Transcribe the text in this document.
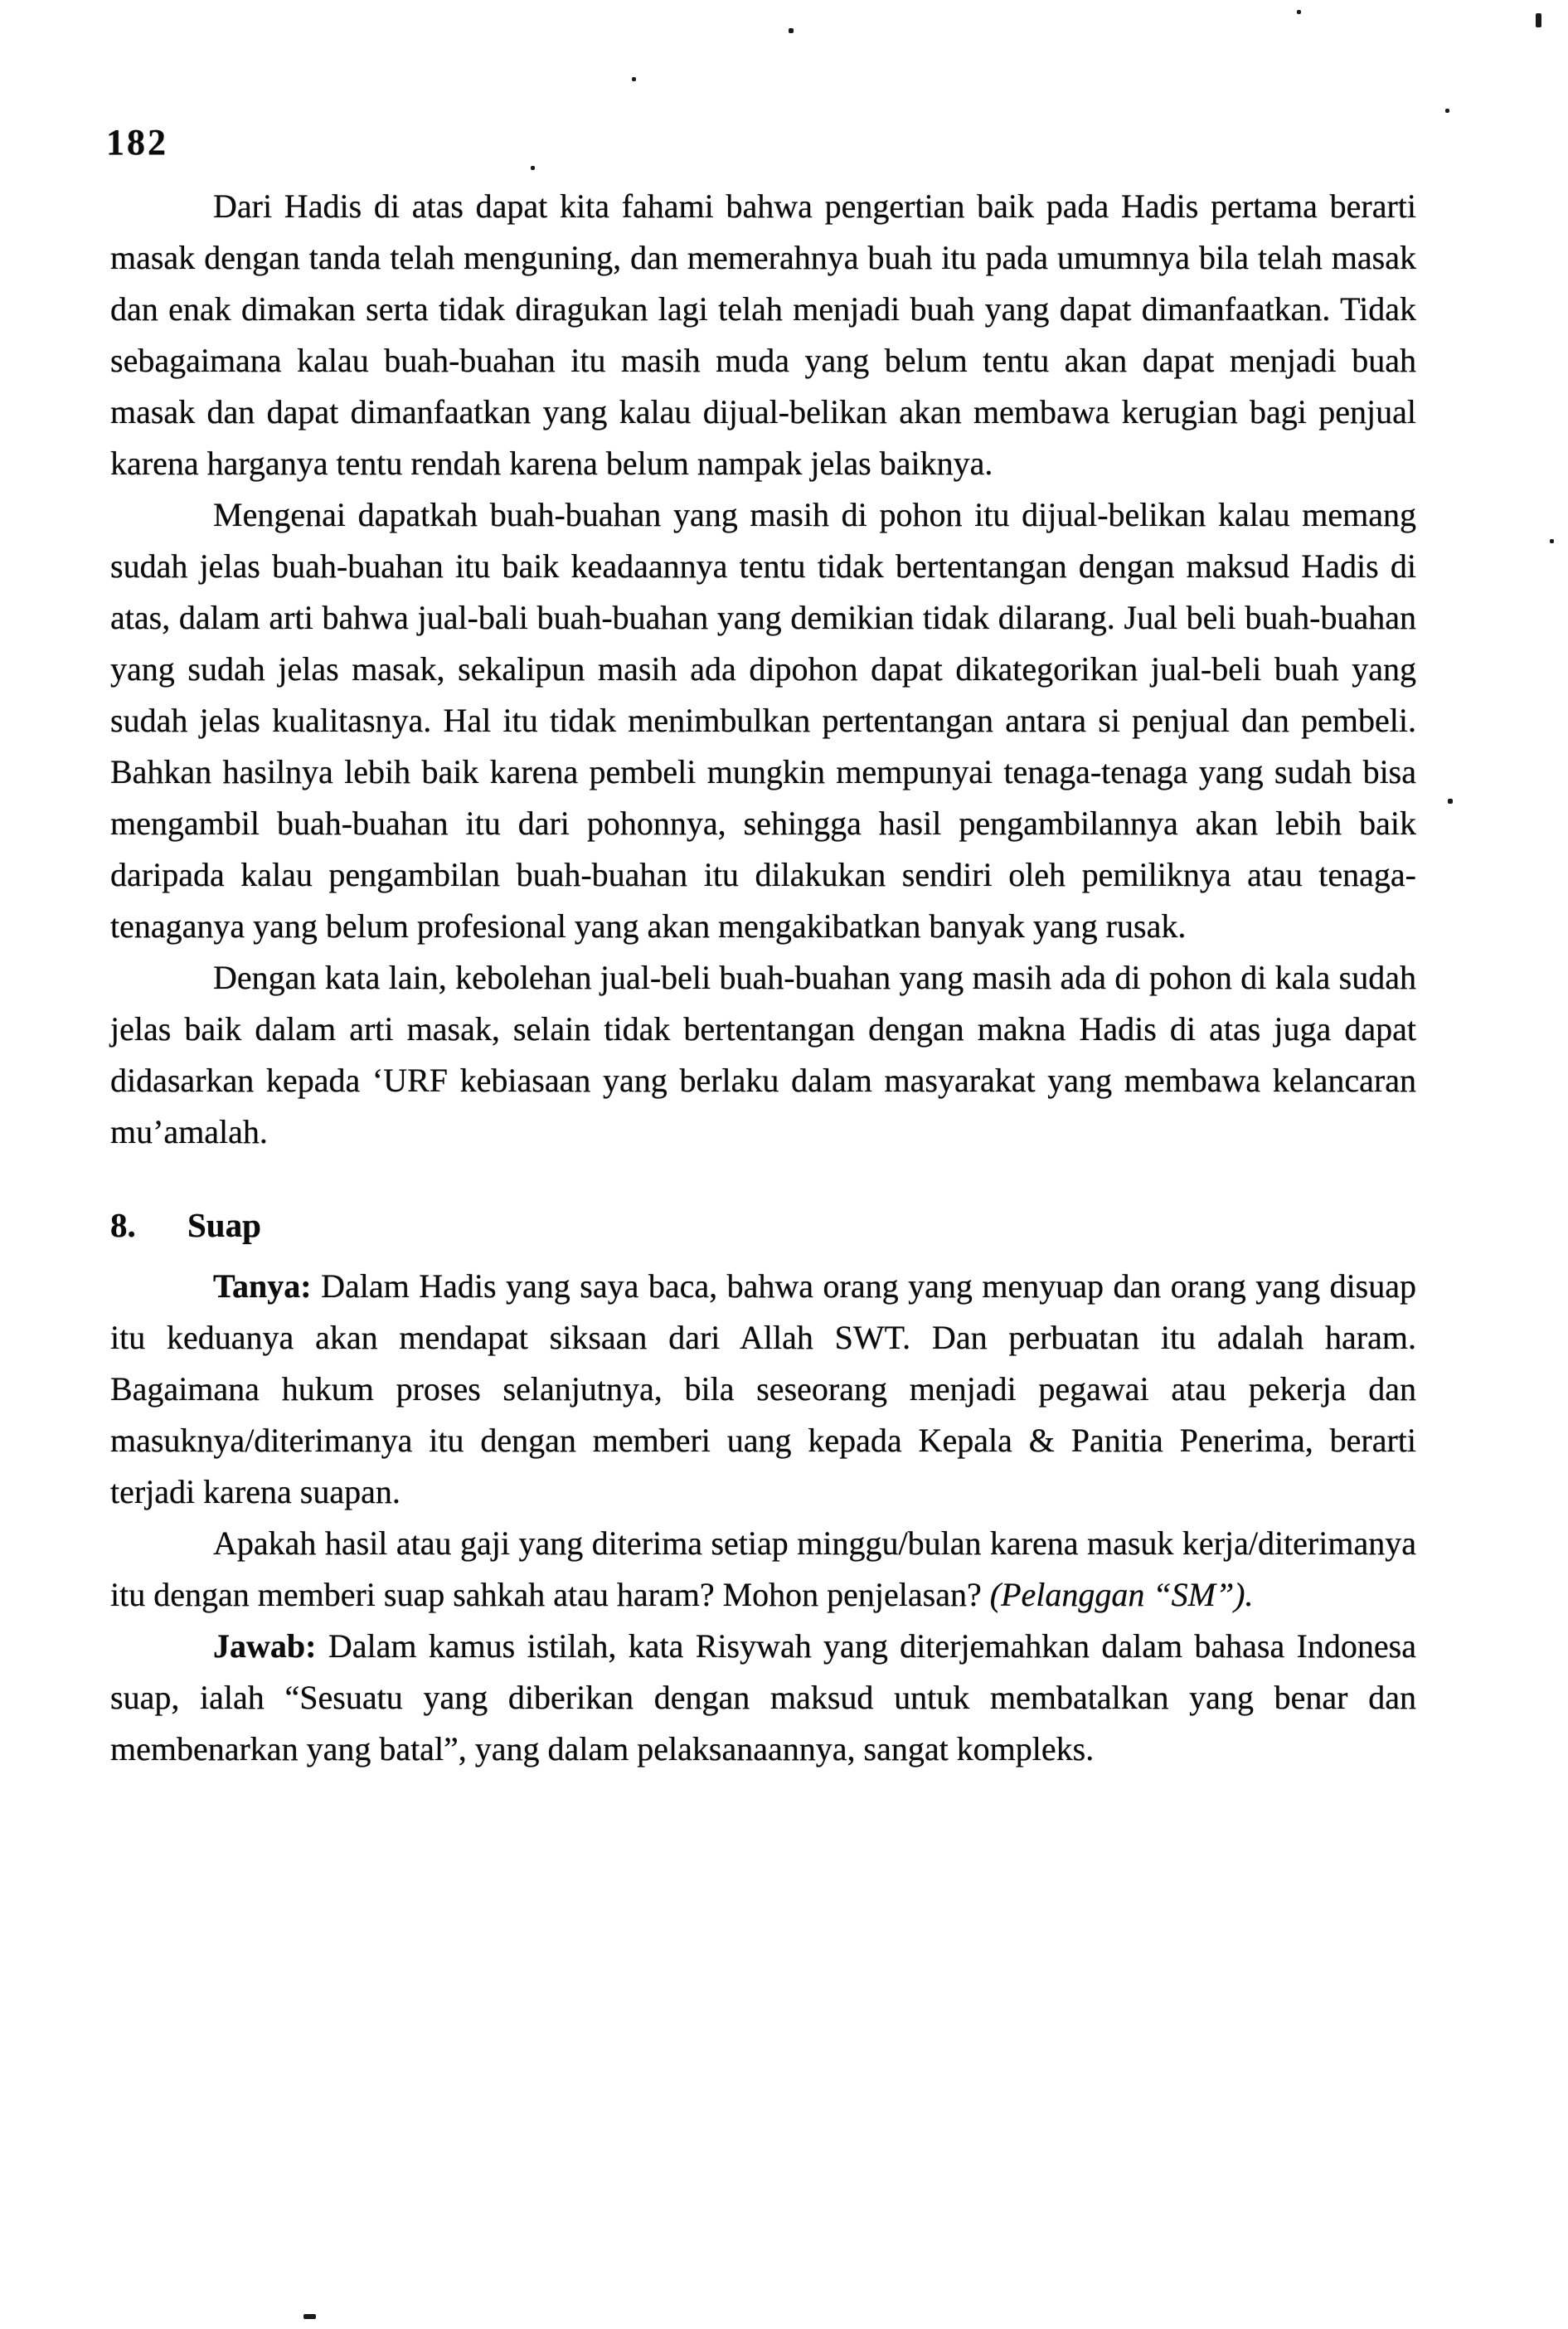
182

Dari Hadis di atas dapat kita fahami bahwa pengertian baik pada Hadis pertama berarti masak dengan tanda telah menguning, dan memerahnya buah itu pada umumnya bila telah masak dan enak dimakan serta tidak diragukan lagi telah menjadi buah yang dapat dimanfaatkan. Tidak sebagaimana kalau buah-buahan itu masih muda yang belum tentu akan dapat menjadi buah masak dan dapat dimanfaatkan yang kalau dijual-belikan akan membawa kerugian bagi penjual karena harganya tentu rendah karena belum nampak jelas baiknya.

Mengenai dapatkah buah-buahan yang masih di pohon itu dijual-belikan kalau memang sudah jelas buah-buahan itu baik keadaannya tentu tidak bertentangan dengan maksud Hadis di atas, dalam arti bahwa jual-bali buah-buahan yang demikian tidak dilarang. Jual beli buah-buahan yang sudah jelas masak, sekalipun masih ada dipohon dapat dikategorikan jual-beli buah yang sudah jelas kualitasnya. Hal itu tidak menimbulkan pertentangan antara si penjual dan pembeli. Bahkan hasilnya lebih baik karena pembeli mungkin mempunyai tenaga-tenaga yang sudah bisa mengambil buah-buahan itu dari pohonnya, sehingga hasil pengambilannya akan lebih baik daripada kalau pengambilan buah-buahan itu dilakukan sendiri oleh pemiliknya atau tenaga-tenaganya yang belum profesional yang akan mengakibatkan banyak yang rusak.

Dengan kata lain, kebolehan jual-beli buah-buahan yang masih ada di pohon di kala sudah jelas baik dalam arti masak, selain tidak bertentangan dengan makna Hadis di atas juga dapat didasarkan kepada ‘URF kebiasaan yang berlaku dalam masyarakat yang membawa kelancaran mu’amalah.

8. Suap

Tanya: Dalam Hadis yang saya baca, bahwa orang yang menyuap dan orang yang disuap itu keduanya akan mendapat siksaan dari Allah SWT. Dan perbuatan itu adalah haram. Bagaimana hukum proses selanjutnya, bila seseorang menjadi pegawai atau pekerja dan masuknya/diterimanya itu dengan memberi uang kepada Kepala & Panitia Penerima, berarti terjadi karena suapan.

Apakah hasil atau gaji yang diterima setiap minggu/bulan karena masuk kerja/diterimanya itu dengan memberi suap sahkah atau haram? Mohon penjelasan? (Pelanggan “SM”).

Jawab: Dalam kamus istilah, kata Risywah yang diterjemahkan dalam bahasa Indonesa suap, ialah “Sesuatu yang diberikan dengan maksud untuk membatalkan yang benar dan membenarkan yang batal”, yang dalam pelaksanaannya, sangat kompleks.
